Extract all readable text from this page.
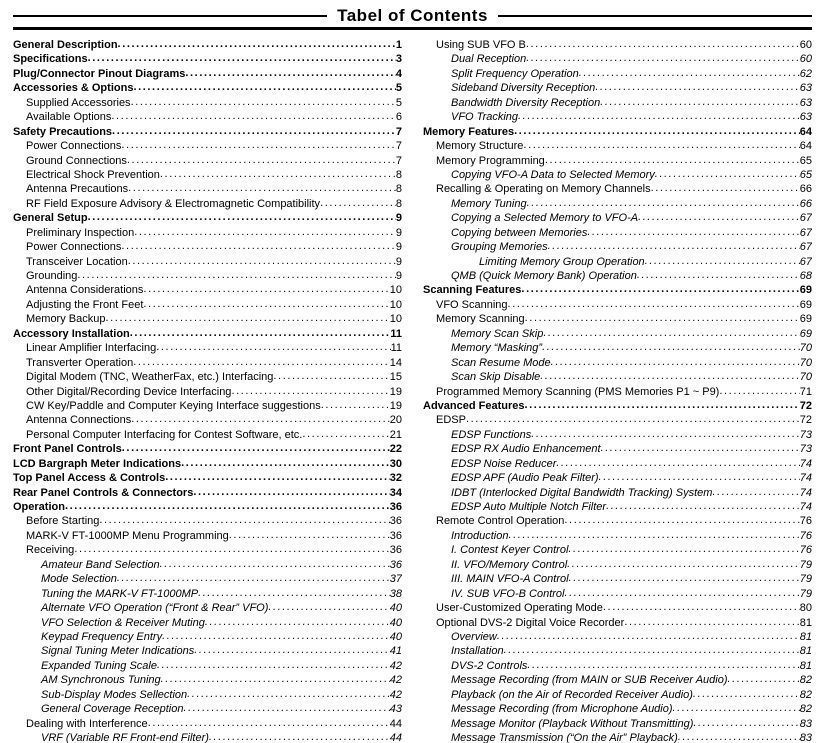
Tabel of Contents
General Description .....	1
Specifications .....	3
Plug/Connector Pinout Diagrams .....	4
Accessories & Options .....	5
Supplied Accessories .....	5
Available Options .....	6
Safety Precautions .....	7
Power Connections .....	7
Ground Connections .....	7
Electrical Shock Prevention .....	8
Antenna Precautions .....	8
RF Field Exposure Advisory & Electromagnetic Compatibility .....	8
General Setup .....	9
Preliminary Inspection .....	9
Power Connections .....	9
Transceiver Location .....	9
Grounding .....	9
Antenna Considerations .....	10
Adjusting the Front Feet .....	10
Memory Backup .....	10
Accessory Installation .....	11
Linear Amplifier Interfacing .....	11
Transverter Operation .....	14
Digital Modem (TNC, WeatherFax, etc.) Interfacing .....	15
Other Digital/Recording Device Interfacing .....	19
CW Key/Paddle and Computer Keying Interface suggestions .....	19
Antenna Connections .....	20
Personal Computer Interfacing for Contest Software, etc. .....	21
Front Panel Controls .....	22
LCD Bargraph Meter Indications .....	30
Top Panel Access & Controls .....	32
Rear Panel Controls & Connectors .....	34
Operation .....	36
Before Starting .....	36
MARK-V FT-1000MP Menu Programming .....	36
Receiving .....	36
Amateur Band Selection .....	36
Mode Selection .....	37
Tuning the MARK-V FT-1000MP .....	38
Alternate VFO Operation (“Front & Rear” VFO) .....	40
VFO Selection & Receiver Muting .....	40
Keypad Frequency Entry .....	40
Signal Tuning Meter Indications .....	41
Expanded Tuning Scale .....	42
AM Synchronous Tuning .....	42
Sub-Display Modes Sellection .....	42
General Coverage Reception .....	43
Dealing with Interference .....	44
VRF (Variable RF Front-end Filter) .....	44
Using SUB VFO B .....	60
Dual Reception .....	60
Split Frequency Operation .....	62
Sideband Diversity Reception .....	63
Bandwidth Diversity Reception .....	63
VFO Tracking .....	63
Memory Features .....	64
Memory Structure .....	64
Memory Programming .....	65
Copying VFO-A Data to Selected Memory .....	65
Recalling & Operating on Memory Channels .....	66
Memory Tuning .....	66
Copying a Selected Memory to VFO-A .....	67
Copying between Memories .....	67
Grouping Memories .....	67
Limiting Memory Group Operation .....	67
QMB (Quick Memory Bank) Operation .....	68
Scanning Features .....	69
VFO Scanning .....	69
Memory Scanning .....	69
Memory Scan Skip .....	69
Memory “Masking” .....	70
Scan Resume Mode .....	70
Scan Skip Disable .....	70
Programmed Memory Scanning (PMS Memories P1 ~ P9) .....	71
Advanced Features .....	72
EDSP .....	72
EDSP Functions .....	73
EDSP RX Audio Enhancement .....	73
EDSP Noise Reducer .....	74
EDSP APF (Audio Peak Filter) .....	74
IDBT (Interlocked Digital Bandwidth Tracking) System .....	74
EDSP Auto Multiple Notch Filter .....	74
Remote Control Operation .....	76
Introduction .....	76
I. Contest Keyer Control .....	76
II. VFO/Memory Control .....	79
III. MAIN VFO-A Control .....	79
IV. SUB VFO-B Control .....	79
User-Customized Operating Mode .....	80
Optional DVS-2 Digital Voice Recorder .....	81
Overview .....	81
Installation .....	81
DVS-2 Controls .....	81
Message Recording (from MAIN or SUB Receiver Audio) .....	82
Playback (on the Air of Recorded Receiver Audio) .....	82
Message Recording (from Microphone Audio) .....	82
Message Monitor (Playback Without Transmitting) .....	83
Message Transmission (“On the Air” Playback) .....	83
